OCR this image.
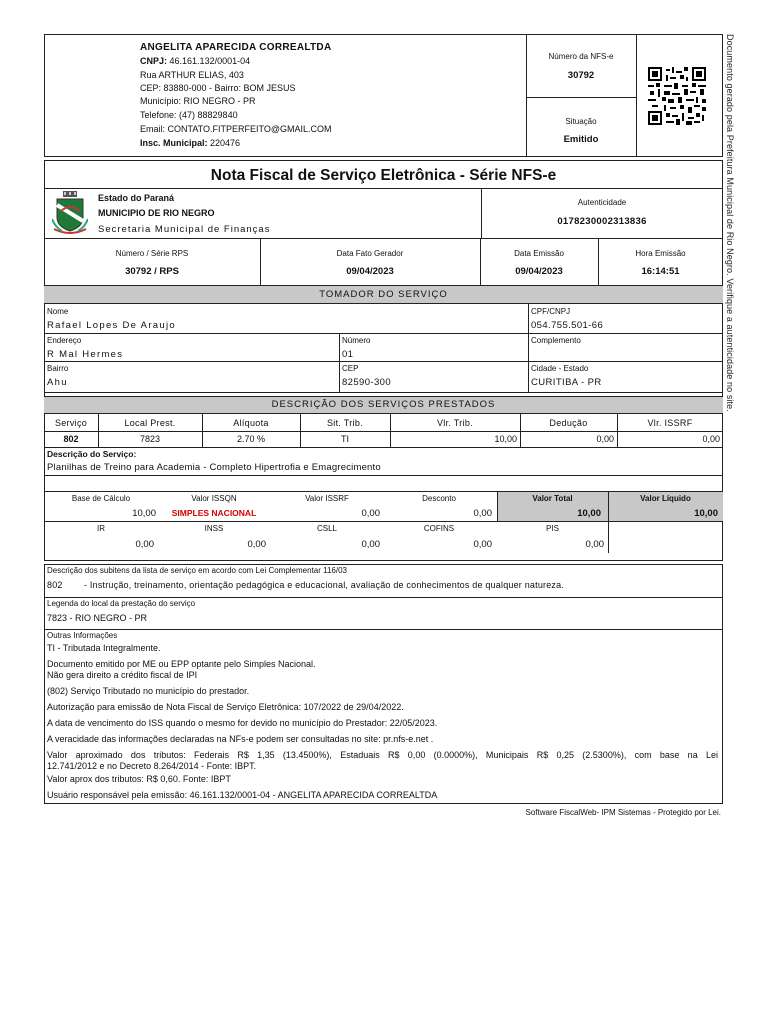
ANGELITA APARECIDA CORREALTDA
CNPJ: 46.161.132/0001-04
Rua ARTHUR ELIAS, 403
CEP: 83880-000 - Bairro: BOM JESUS
Município: RIO NEGRO - PR
Telefone: (47) 88829840
Email: CONTATO.FITPERFEITO@GMAIL.COM
Insc. Municipal: 220476
Número da NFS-e
30792
Situação
Emitido	Documento gerado pela Prefeitura Municipal de Rio Negro. Verifique a autenticidade no site.
Nota Fiscal de Serviço Eletrônica - Série NFS-e
Estado do Paraná
MUNICIPIO DE RIO NEGRO
Secretaria Municipal de Finanças
Autenticidade
0178230002313836
Número / Série RPS
30792 / RPS
Data Fato Gerador
09/04/2023
Data Emissão
09/04/2023
Hora Emissão
16:14:51
TOMADOR DO SERVIÇO
Nome
Rafael Lopes De Araujo
CPF/CNPJ
054.755.501-66
Endereço
R Mal Hermes
Número
01
Complemento
Bairro
Ahu
CEP
82590-300
Cidade - Estado
CURITIBA - PR
DESCRIÇÃO DOS SERVIÇOS PRESTADOS
Serviço	Local Prest.	Alíquota	Sit. Trib.	Vlr. Trib.	Dedução	Vlr. ISSRF
802	7823	2.70 %	TI	10,00	0,00	0,00
Descrição do Serviço:
Planilhas de Treino para Academia - Completo Hipertrofia e Emagrecimento
Base de Cálculo
10,00
Valor ISSQN
SIMPLES NACIONAL
Valor ISSRF
0,00
Desconto
0,00
Valor Total
10,00
Valor Líquido
10,00
IR
0,00
INSS
0,00
CSLL
0,00
COFINS
0,00
PIS
0,00
Descrição dos subitens da lista de serviço em acordo com Lei Complementar 116/03
802 - Instrução, treinamento, orientação pedagógica e educacional, avaliação de conhecimentos de qualquer natureza.
Legenda do local da prestação do serviço
7823 - RIO NEGRO - PR
Outras Informações
TI - Tributada Integralmente.
Documento emitido por ME ou EPP optante pelo Simples Nacional.
Não gera direito a crédito fiscal de IPI
(802) Serviço Tributado no município do prestador.
Autorização para emissão de Nota Fiscal de Serviço Eletrônica: 107/2022 de 29/04/2022.
A data de vencimento do ISS quando o mesmo for devido no município do Prestador: 22/05/2023.
A veracidade das informações declaradas na NFs-e podem ser consultadas no site: pr.nfs-e.net .
Valor aproximado dos tributos: Federais R$ 1,35 (13.4500%), Estaduais R$ 0,00 (0.0000%), Municipais R$ 0,25 (2.5300%), com base na Lei
12.741/2012 e no Decreto 8.264/2014 - Fonte: IBPT.
Valor aprox dos tributos: R$ 0,60. Fonte: IBPT
Usuário responsável pela emissão: 46.161.132/0001-04 - ANGELITA APARECIDA CORREALTDA
Software FiscalWeb- IPM Sistemas - Protegido por Lei.
